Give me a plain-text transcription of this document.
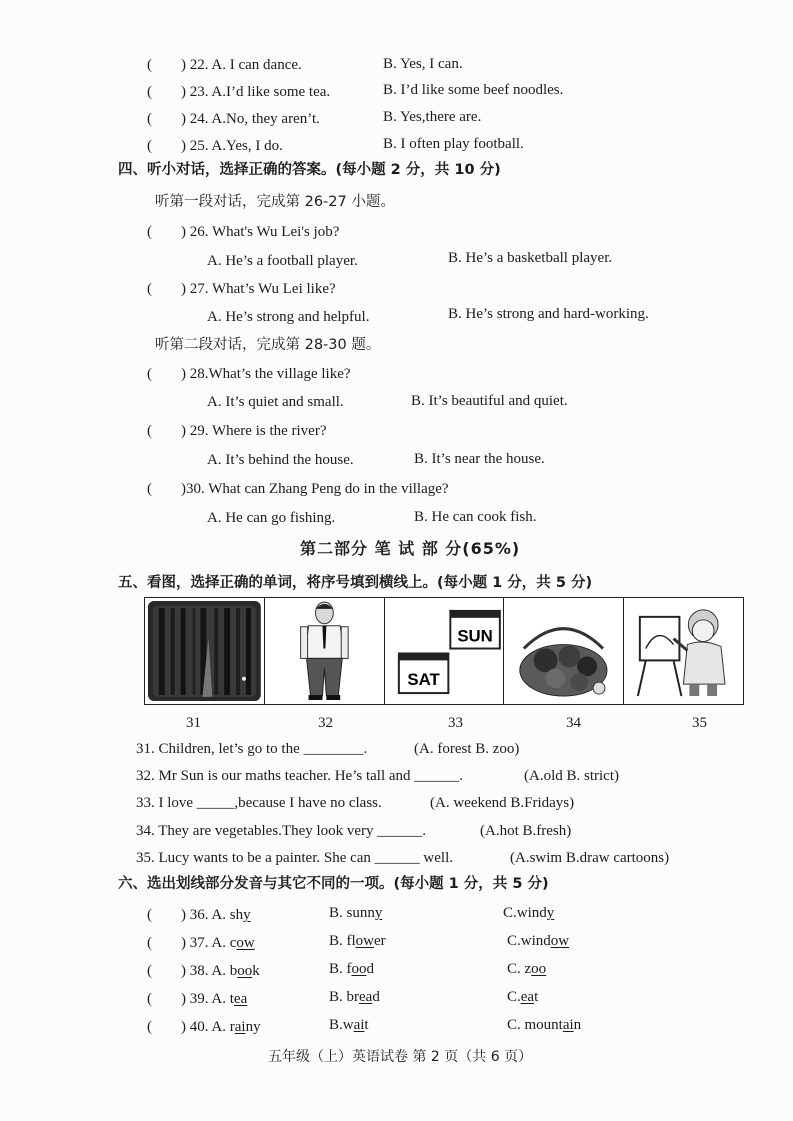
( ) 22. A. I can dance.	B. Yes, I can.
( ) 23. A.I’d like some tea.	B. I’d like some beef noodles.
( ) 24. A.No, they aren’t.	B. Yes,there are.
( ) 25. A.Yes, I do.	B. I often play football.
四、听小对话，选择正确的答案。(每小题 2 分，共 10 分)
听第一段对话，完成第 26-27 小题。
( ) 26. What's Wu Lei's job?
A. He’s a football player.	B. He’s a basketball player.
( ) 27. What’s Wu Lei like?
A. He’s strong and helpful.	B. He’s strong and hard-working.
听第二段对话，完成第 28-30 题。
( ) 28.What’s the village like?
A. It’s quiet and small.	B. It’s beautiful and quiet.
( ) 29. Where is the river?
A. It’s behind the house.	B. It’s near the house.
( )30. What can Zhang Peng do in the village?
A. He can go fishing.	B. He can cook fish.
第二部分 笔 试 部 分(65%)
五、看图，选择正确的单词，将序号填到横线上。(每小题 1 分，共 5 分)
SUN
SAT
31	32	33	34	35
31. Children, let’s go to the ________.	(A. forest B. zoo)
32. Mr Sun is our maths teacher. He’s tall and ______.	(A.old B. strict)
33. I love _____,because I have no class.	(A. weekend B.Fridays)
34. They are vegetables.They look very ______.	(A.hot B.fresh)
35. Lucy wants to be a painter. She can ______ well.	(A.swim B.draw cartoons)
六、选出划线部分发音与其它不同的一项。(每小题 1 分，共 5 分)
( ) 36. A. shy	B. sunny	C.windy
( ) 37. A. cow	B. flower	C.window
( ) 38. A. book	B. food	C. zoo
( ) 39. A. tea	B. bread	C.eat
( ) 40. A. rainy	B.wait	C. mountain
五年级（上）英语试卷 第 2 页（共 6 页）
